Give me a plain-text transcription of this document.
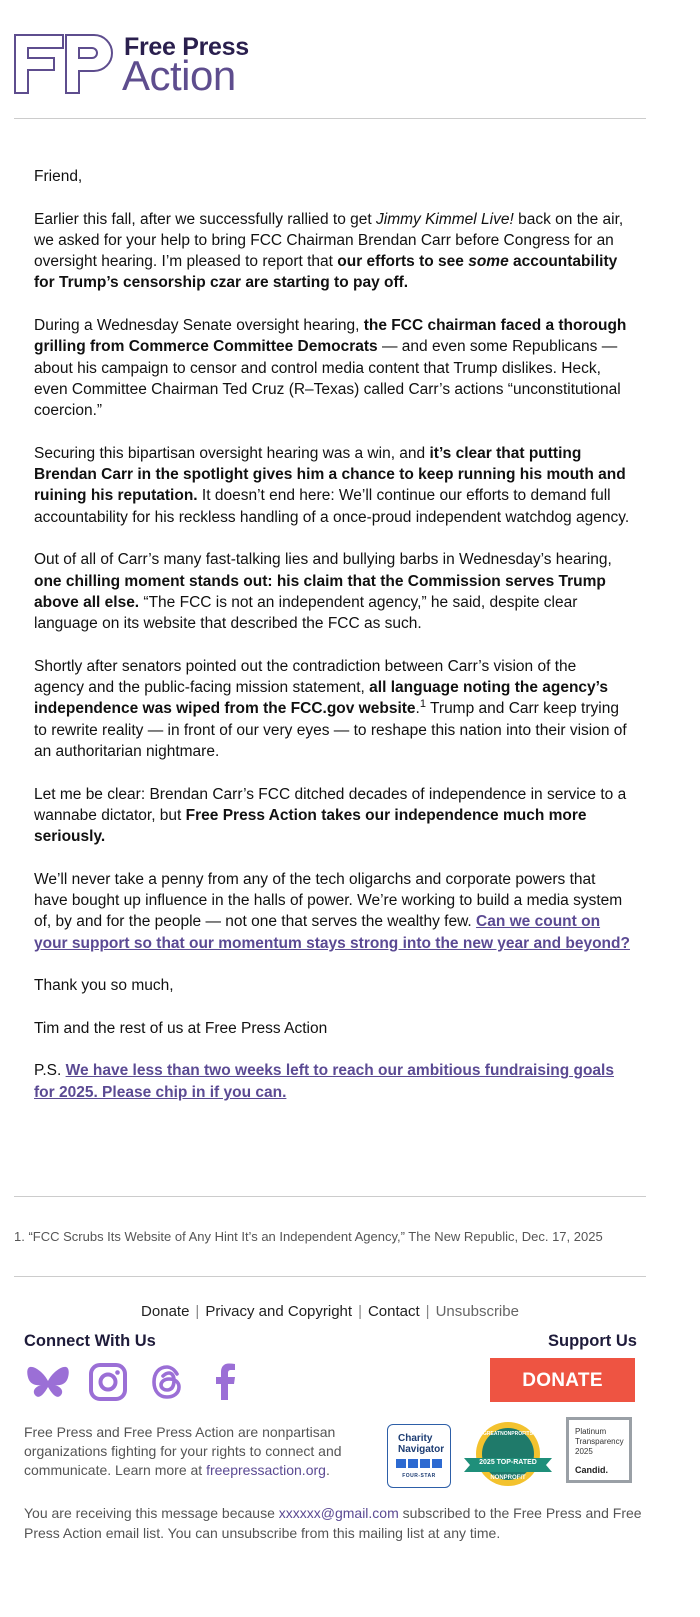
Free Press
Action

Friend,

Earlier this fall, after we successfully rallied to get Jimmy Kimmel Live! back on the air, we asked for your help to bring FCC Chairman Brendan Carr before Congress for an oversight hearing. I’m pleased to report that our efforts to see some accountability for Trump’s censorship czar are starting to pay off.

During a Wednesday Senate oversight hearing, the FCC chairman faced a thorough grilling from Commerce Committee Democrats — and even some Republicans — about his campaign to censor and control media content that Trump dislikes. Heck, even Committee Chairman Ted Cruz (R–Texas) called Carr’s actions “unconstitutional coercion.”

Securing this bipartisan oversight hearing was a win, and it’s clear that putting Brendan Carr in the spotlight gives him a chance to keep running his mouth and ruining his reputation. It doesn’t end here: We’ll continue our efforts to demand full accountability for his reckless handling of a once-proud independent watchdog agency.

Out of all of Carr’s many fast-talking lies and bullying barbs in Wednesday’s hearing, one chilling moment stands out: his claim that the Commission serves Trump above all else. “The FCC is not an independent agency,” he said, despite clear language on its website that described the FCC as such.

Shortly after senators pointed out the contradiction between Carr’s vision of the agency and the public-facing mission statement, all language noting the agency’s independence was wiped from the FCC.gov website.$^1$ Trump and Carr keep trying to rewrite reality — in front of our very eyes — to reshape this nation into their vision of an authoritarian nightmare.

Let me be clear: Brendan Carr’s FCC ditched decades of independence in service to a wannabe dictator, but Free Press Action takes our independence much more seriously.

We’ll never take a penny from any of the tech oligarchs and corporate powers that have bought up influence in the halls of power. We’re working to build a media system of, by and for the people — not one that serves the wealthy few. Can we count on your support so that our momentum stays strong into the new year and beyond?

Thank you so much,

Tim and the rest of us at Free Press Action

P.S. We have less than two weeks left to reach our ambitious fundraising goals for 2025. Please chip in if you can.

1. “FCC Scrubs Its Website of Any Hint It’s an Independent Agency,” The New Republic, Dec. 17, 2025
Donate | Privacy and Copyright | Contact | Unsubscribe
Connect With Us	Support Us
DONATE
Free Press and Free Press Action are nonpartisan organizations fighting for your rights to connect and communicate. Learn more at freepressaction.org.
Charity
Navigator
FOUR-STAR
GREATNONPROFITS
2025 TOP-RATED
NONPROFIT
Platinum
Transparency
2025
Candid.
You are receiving this message because xxxxxx@gmail.com subscribed to the Free Press and Free Press Action email list. You can unsubscribe from this mailing list at any time.
